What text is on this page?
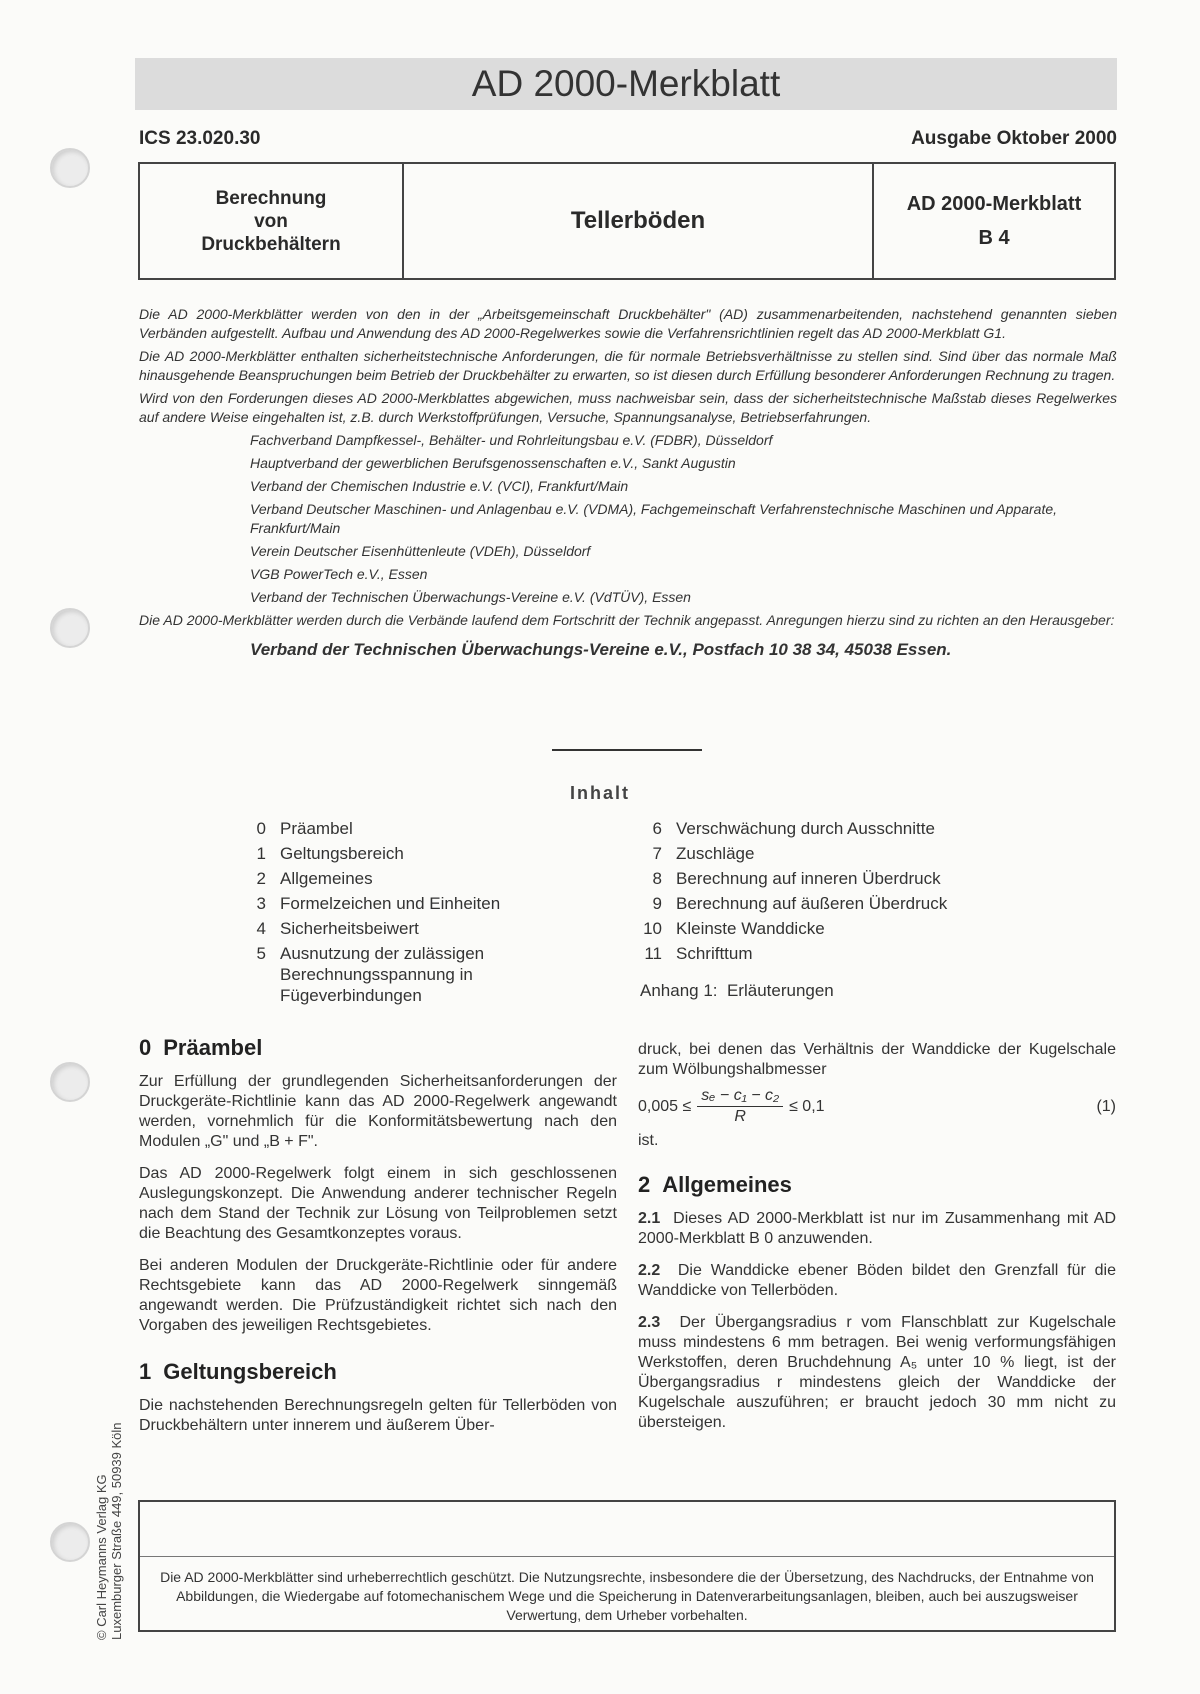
AD 2000-Merkblatt
ICS 23.020.30	Ausgabe Oktober 2000
Berechnung
von
Druckbehältern
Tellerböden
AD 2000-Merkblatt
B 4

Die AD 2000-Merkblätter werden von den in der „Arbeitsgemeinschaft Druckbehälter" (AD) zusammenarbeitenden, nachstehend genannten sieben Verbänden aufgestellt. Aufbau und Anwendung des AD 2000-Regelwerkes sowie die Verfahrensrichtlinien regelt das AD 2000-Merkblatt G1.

Die AD 2000-Merkblätter enthalten sicherheitstechnische Anforderungen, die für normale Betriebsverhältnisse zu stellen sind. Sind über das normale Maß hinausgehende Beanspruchungen beim Betrieb der Druckbehälter zu erwarten, so ist diesen durch Erfüllung besonderer Anforderungen Rechnung zu tragen.

Wird von den Forderungen dieses AD 2000-Merkblattes abgewichen, muss nachweisbar sein, dass der sicherheitstechnische Maßstab dieses Regelwerkes auf andere Weise eingehalten ist, z.B. durch Werkstoffprüfungen, Versuche, Spannungsanalyse, Betriebserfahrungen.

Fachverband Dampfkessel-, Behälter- und Rohrleitungsbau e.V. (FDBR), Düsseldorf
Hauptverband der gewerblichen Berufsgenossenschaften e.V., Sankt Augustin
Verband der Chemischen Industrie e.V. (VCI), Frankfurt/Main
Verband Deutscher Maschinen- und Anlagenbau e.V. (VDMA), Fachgemeinschaft Verfahrenstechnische Maschinen und Apparate, Frankfurt/Main
Verein Deutscher Eisenhüttenleute (VDEh), Düsseldorf
VGB PowerTech e.V., Essen
Verband der Technischen Überwachungs-Vereine e.V. (VdTÜV), Essen

Die AD 2000-Merkblätter werden durch die Verbände laufend dem Fortschritt der Technik angepasst. Anregungen hierzu sind zu richten an den Herausgeber:

Verband der Technischen Überwachungs-Vereine e.V., Postfach 10 38 34, 45038 Essen.
Inhalt
0 Präambel
1 Geltungsbereich
2 Allgemeines
3 Formelzeichen und Einheiten
4 Sicherheitsbeiwert
5 Ausnutzung der zulässigen Berechnungsspannung in Fügeverbindungen
6 Verschwächung durch Ausschnitte
7 Zuschläge
8 Berechnung auf inneren Überdruck
9 Berechnung auf äußeren Überdruck
10 Kleinste Wanddicke
11 Schrifttum
Anhang 1:  Erläuterungen
0 Präambel

Zur Erfüllung der grundlegenden Sicherheitsanforderungen der Druckgeräte-Richtlinie kann das AD 2000-Regelwerk angewandt werden, vornehmlich für die Konformitätsbewertung nach den Modulen „G" und „B + F".

Das AD 2000-Regelwerk folgt einem in sich geschlossenen Auslegungskonzept. Die Anwendung anderer technischer Regeln nach dem Stand der Technik zur Lösung von Teilproblemen setzt die Beachtung des Gesamtkonzeptes voraus.

Bei anderen Modulen der Druckgeräte-Richtlinie oder für andere Rechtsgebiete kann das AD 2000-Regelwerk sinngemäß angewandt werden. Die Prüfzuständigkeit richtet sich nach den Vorgaben des jeweiligen Rechtsgebietes.

1 Geltungsbereich

Die nachstehenden Berechnungsregeln gelten für Tellerböden von Druckbehältern unter innerem und äußerem Über-

druck, bei denen das Verhältnis der Wanddicke der Kugelschale zum Wölbungshalbmesser

$0,005 \le \frac{\text{sₑ − c₁ − c₂}}{R} \le 0,1$	(1)

ist.

2 Allgemeines

2.1 Dieses AD 2000-Merkblatt ist nur im Zusammenhang mit AD 2000-Merkblatt B 0 anzuwenden.

2.2 Die Wanddicke ebener Böden bildet den Grenzfall für die Wanddicke von Tellerböden.

2.3 Der Übergangsradius r vom Flanschblatt zur Kugelschale muss mindestens 6 mm betragen. Bei wenig verformungsfähigen Werkstoffen, deren Bruchdehnung A₅ unter 10 % liegt, ist der Übergangsradius r mindestens gleich der Wanddicke der Kugelschale auszuführen; er braucht jedoch 30 mm nicht zu übersteigen.

Die AD 2000-Merkblätter sind urheberrechtlich geschützt. Die Nutzungsrechte, insbesondere die der Übersetzung, des Nachdrucks, der Entnahme von Abbildungen, die Wiedergabe auf fotomechanischem Wege und die Speicherung in Datenverarbeitungsanlagen, bleiben, auch bei auszugsweiser Verwertung, dem Urheber vorbehalten.
© Carl Heymanns Verlag KG Luxemburger Straße 449, 50939 Köln
